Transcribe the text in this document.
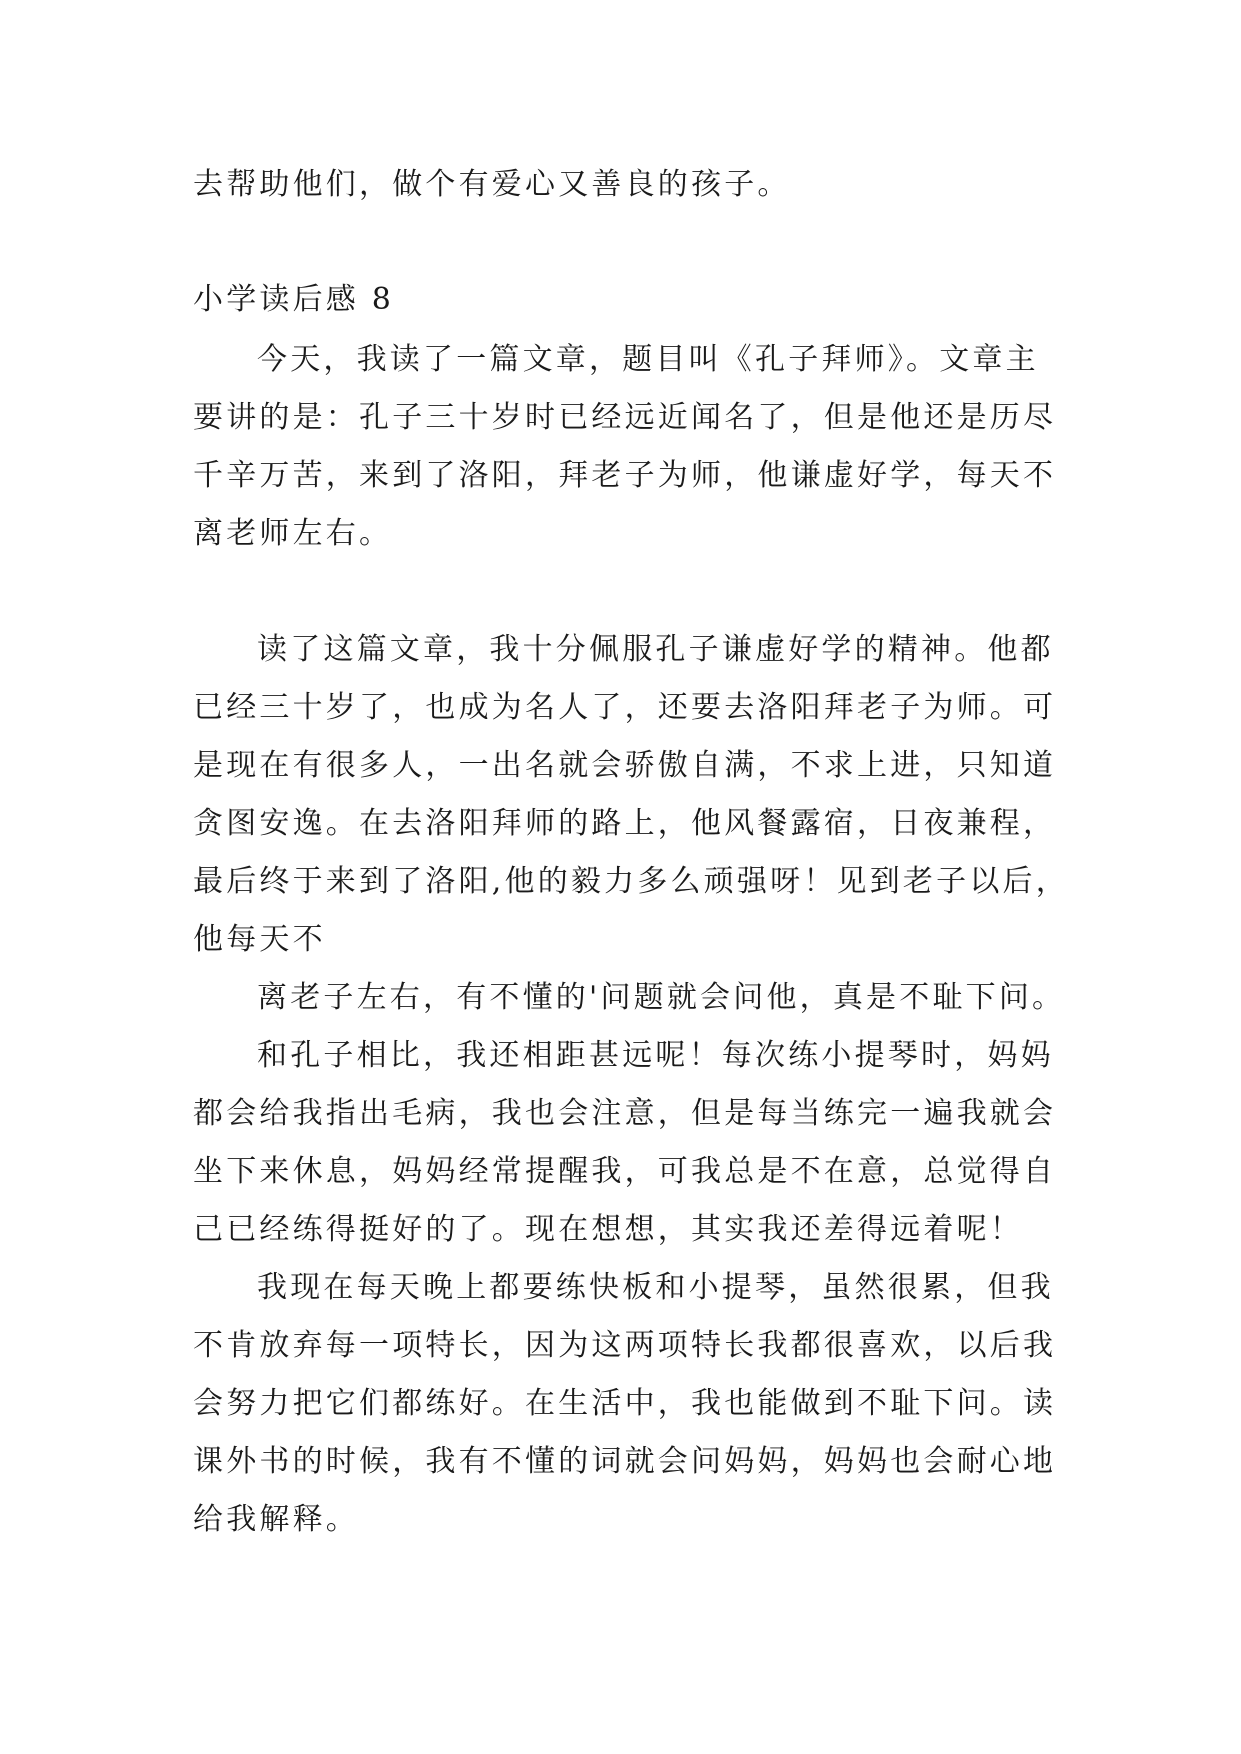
去帮助他们，做个有爱心又善良的孩子。
小学读后感 8
今天，我读了一篇文章，题目叫《孔子拜师》。文章主
要讲的是：孔子三十岁时已经远近闻名了，但是他还是历尽
千辛万苦，来到了洛阳，拜老子为师，他谦虚好学，每天不
离老师左右。
读了这篇文章，我十分佩服孔子谦虚好学的精神。他都
已经三十岁了，也成为名人了，还要去洛阳拜老子为师。可
是现在有很多人，一出名就会骄傲自满，不求上进，只知道
贪图安逸。在去洛阳拜师的路上，他风餐露宿，日夜兼程，
最后终于来到了洛阳,他的毅力多么顽强呀！见到老子以后，
他每天不
离老子左右，有不懂的'问题就会问他，真是不耻下问。
和孔子相比，我还相距甚远呢！每次练小提琴时，妈妈
都会给我指出毛病，我也会注意，但是每当练完一遍我就会
坐下来休息，妈妈经常提醒我，可我总是不在意，总觉得自
己已经练得挺好的了。现在想想，其实我还差得远着呢！
我现在每天晚上都要练快板和小提琴，虽然很累，但我
不肯放弃每一项特长，因为这两项特长我都很喜欢，以后我
会努力把它们都练好。在生活中，我也能做到不耻下问。读
课外书的时候，我有不懂的词就会问妈妈，妈妈也会耐心地
给我解释。
